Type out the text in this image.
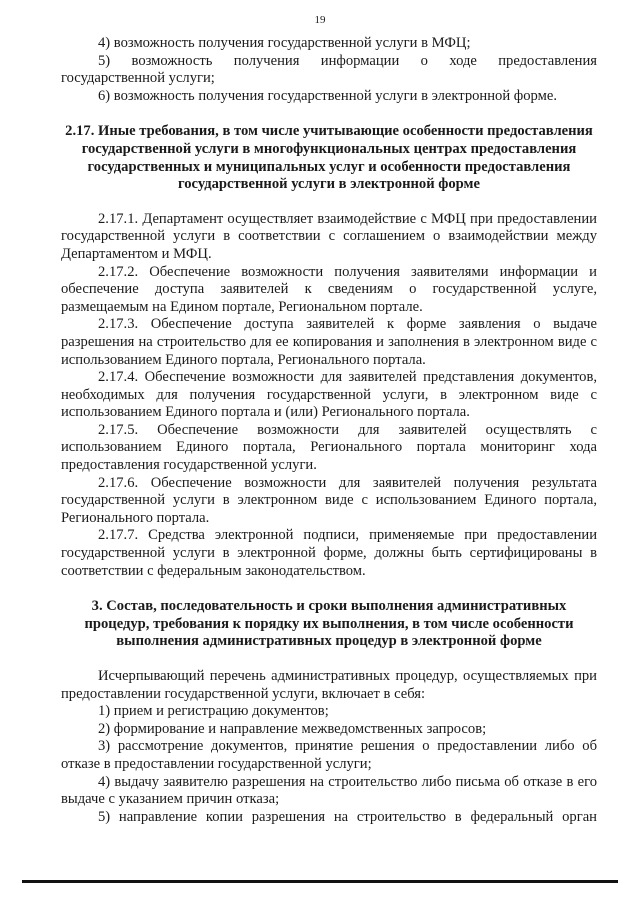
19

4) возможность получения государственной услуги в МФЦ;

5) возможность получения информации о ходе предоставления государственной услуги;

6) возможность получения государственной услуги в электронной форме.

2.17. Иные требования, в том числе учитывающие особенности предоставления государственной услуги в многофункциональных центрах предоставления государственных и муниципальных услуг и особенности предоставления государственной услуги в электронной форме

2.17.1. Департамент осуществляет взаимодействие с МФЦ при предоставлении государственной услуги в соответствии с соглашением о взаимодействии между Департаментом и МФЦ.

2.17.2. Обеспечение возможности получения заявителями информации и обеспечение доступа заявителей к сведениям о государственной услуге, размещаемым на Едином портале, Региональном портале.

2.17.3. Обеспечение доступа заявителей к форме заявления о выдаче разрешения на строительство для ее копирования и заполнения в электронном виде с использованием Единого портала, Регионального портала.

2.17.4. Обеспечение возможности для заявителей представления документов, необходимых для получения государственной услуги, в электронном виде с использованием Единого портала и (или) Регионального портала.

2.17.5. Обеспечение возможности для заявителей осуществлять с использованием Единого портала, Регионального портала мониторинг хода предоставления государственной услуги.

2.17.6. Обеспечение возможности для заявителей получения результата государственной услуги в электронном виде с использованием Единого портала, Регионального портала.

2.17.7. Средства электронной подписи, применяемые при предоставлении государственной услуги в электронной форме, должны быть сертифицированы в соответствии с федеральным законодательством.

3. Состав, последовательность и сроки выполнения административных процедур, требования к порядку их выполнения, в том числе особенности выполнения административных процедур в электронной форме

Исчерпывающий перечень административных процедур, осуществляемых при предоставлении государственной услуги, включает в себя:

1) прием и регистрацию документов;

2) формирование и направление межведомственных запросов;

3) рассмотрение документов, принятие решения о предоставлении либо об отказе в предоставлении государственной услуги;

4) выдачу заявителю разрешения на строительство либо письма об отказе в его выдаче с указанием причин отказа;

5) направление копии разрешения на строительство в федеральный орган
